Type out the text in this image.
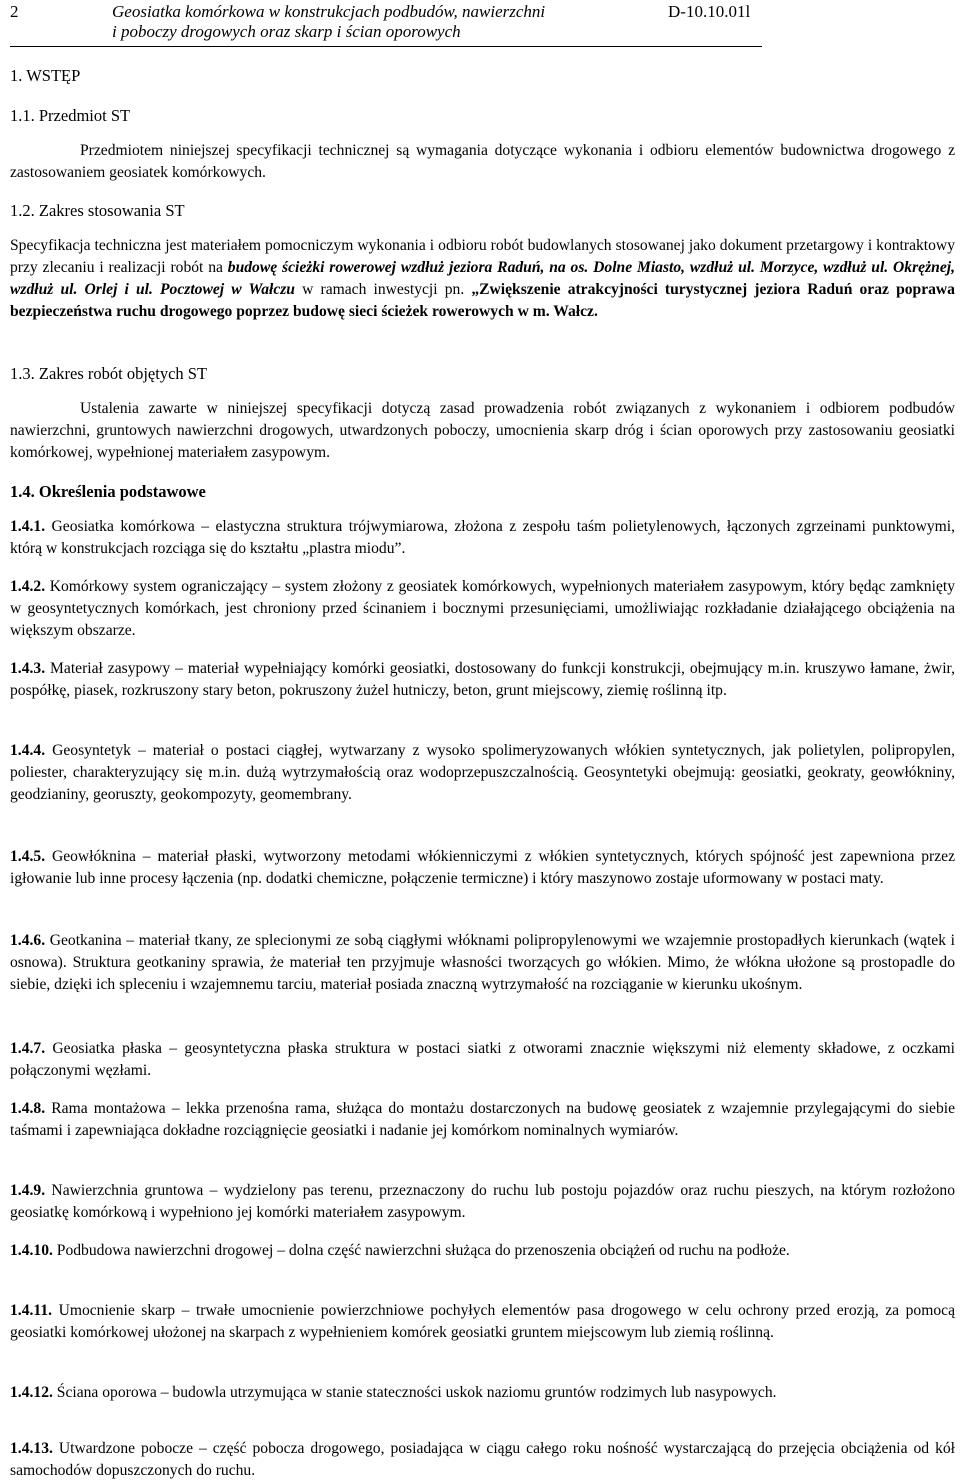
2	Geosiatka komórkowa w konstrukcjach podbudów, nawierzchni
i poboczy drogowych oraz skarp i ścian oporowych
D-10.10.01l
1. WSTĘP
1.1. Przedmiot ST

Przedmiotem niniejszej specyfikacji technicznej są wymagania dotyczące wykonania i odbioru elementów budownictwa drogowego z zastosowaniem geosiatek komórkowych.

1.2. Zakres stosowania ST

Specyfikacja techniczna jest materiałem pomocniczym wykonania i odbioru robót budowlanych stosowanej jako dokument przetargowy i kontraktowy przy zlecaniu i realizacji robót na budowę ścieżki rowerowej wzdłuż jeziora Raduń, na os. Dolne Miasto, wzdłuż ul. Morzyce, wzdłuż ul. Okrężnej, wzdłuż ul. Orlej i ul. Pocztowej w Wałczu w ramach inwestycji pn. „Zwiększenie atrakcyjności turystycznej jeziora Raduń oraz poprawa bezpieczeństwa ruchu drogowego poprzez budowę sieci ścieżek rowerowych w m. Wałcz.

1.3. Zakres robót objętych ST

Ustalenia zawarte w niniejszej specyfikacji dotyczą zasad prowadzenia robót związanych z wykonaniem i odbiorem podbudów nawierzchni, gruntowych nawierzchni drogowych, utwardzonych poboczy, umocnienia skarp dróg i ścian oporowych przy zastosowaniu geosiatki komórkowej, wypełnionej materiałem zasypowym.

1.4. Określenia podstawowe

1.4.1. Geosiatka komórkowa – elastyczna struktura trójwymiarowa, złożona z zespołu taśm polietylenowych, łączonych zgrzeinami punktowymi, którą w konstrukcjach rozciąga się do kształtu „plastra miodu”.

1.4.2. Komórkowy system ograniczający – system złożony z geosiatek komórkowych, wypełnionych materiałem zasypowym, który będąc zamknięty w geosyntetycznych komórkach, jest chroniony przed ścinaniem i bocznymi przesunięciami, umożliwiając rozkładanie działającego obciążenia na większym obszarze.

1.4.3. Materiał zasypowy – materiał wypełniający komórki geosiatki, dostosowany do funkcji konstrukcji, obejmujący m.in. kruszywo łamane, żwir, pospółkę, piasek, rozkruszony stary beton, pokruszony żużel hutniczy, beton, grunt miejscowy, ziemię roślinną itp.

1.4.4. Geosyntetyk – materiał o postaci ciągłej, wytwarzany z wysoko spolimeryzowanych włókien syntetycznych, jak polietylen, polipropylen, poliester, charakteryzujący się m.in. dużą wytrzymałością oraz wodoprzepuszczalnością. Geosyntetyki obejmują: geosiatki, geokraty, geowłókniny, geodzianiny, georuszty, geokompozyty, geomembrany.

1.4.5. Geowłóknina – materiał płaski, wytworzony metodami włókienniczymi z włókien syntetycznych, których spójność jest zapewniona przez igłowanie lub inne procesy łączenia (np. dodatki chemiczne, połączenie termiczne) i który maszynowo zostaje uformowany w postaci maty.

1.4.6. Geotkanina – materiał tkany, ze splecionymi ze sobą ciągłymi włóknami polipropylenowymi we wzajemnie prostopadłych kierunkach (wątek i osnowa). Struktura geotkaniny sprawia, że materiał ten przyjmuje własności tworzących go włókien. Mimo, że włókna ułożone są prostopadle do siebie, dzięki ich spleceniu i wzajemnemu tarciu, materiał posiada znaczną wytrzymałość na rozciąganie w kierunku ukośnym.

1.4.7. Geosiatka płaska – geosyntetyczna płaska struktura w postaci siatki z otworami znacznie większymi niż elementy składowe, z oczkami połączonymi węzłami.

1.4.8. Rama montażowa – lekka przenośna rama, służąca do montażu dostarczonych na budowę geosiatek z wzajemnie przylegającymi do siebie taśmami i zapewniająca dokładne rozciągnięcie geosiatki i nadanie jej komórkom nominalnych wymiarów.

1.4.9. Nawierzchnia gruntowa – wydzielony pas terenu, przeznaczony do ruchu lub postoju pojazdów oraz ruchu pieszych, na którym rozłożono geosiatkę komórkową i wypełniono jej komórki materiałem zasypowym.

1.4.10. Podbudowa nawierzchni drogowej – dolna część nawierzchni służąca do przenoszenia obciążeń od ruchu na podłoże.

1.4.11. Umocnienie skarp – trwałe umocnienie powierzchniowe pochyłych elementów pasa drogowego w celu ochrony przed erozją, za pomocą geosiatki komórkowej ułożonej na skarpach z wypełnieniem komórek geosiatki gruntem miejscowym lub ziemią roślinną.

1.4.12. Ściana oporowa – budowla utrzymująca w stanie stateczności uskok naziomu gruntów rodzimych lub nasypowych.

1.4.13. Utwardzone pobocze – część pobocza drogowego, posiadająca w ciągu całego roku nośność wystarczającą do przejęcia obciążenia od kół samochodów dopuszczonych do ruchu.
